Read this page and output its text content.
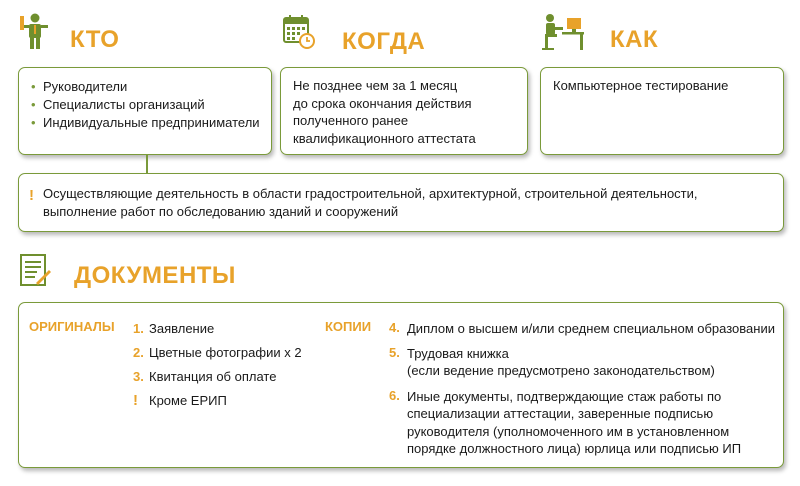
КТО
• Руководители
• Специалисты организаций
• Индивидуальные предприниматели
КОГДА
Не позднее чем за 1 месяц
до срока окончания действия
полученного ранее
квалификационного аттестата
КАК
Компьютерное тестирование
! Осуществляющие деятельность в области градостроительной, архитектурной, строительной деятельности,
выполнение работ по обследованию зданий и сооружений
ДОКУМЕНТЫ
ОРИГИНАЛЫ 1. Заявление
2. Цветные фотографии х 2
3. Квитанция об оплате
! Кроме ЕРИП
КОПИИ 4. Диплом о высшем и/или среднем специальном образовании
5. Трудовая книжка
(если ведение предусмотрено законодательством)
6. Иные документы, подтверждающие стаж работы по
специализации аттестации, заверенные подписью
руководителя (уполномоченного им в установленном
порядке должностного лица) юрлица или подписью ИП
